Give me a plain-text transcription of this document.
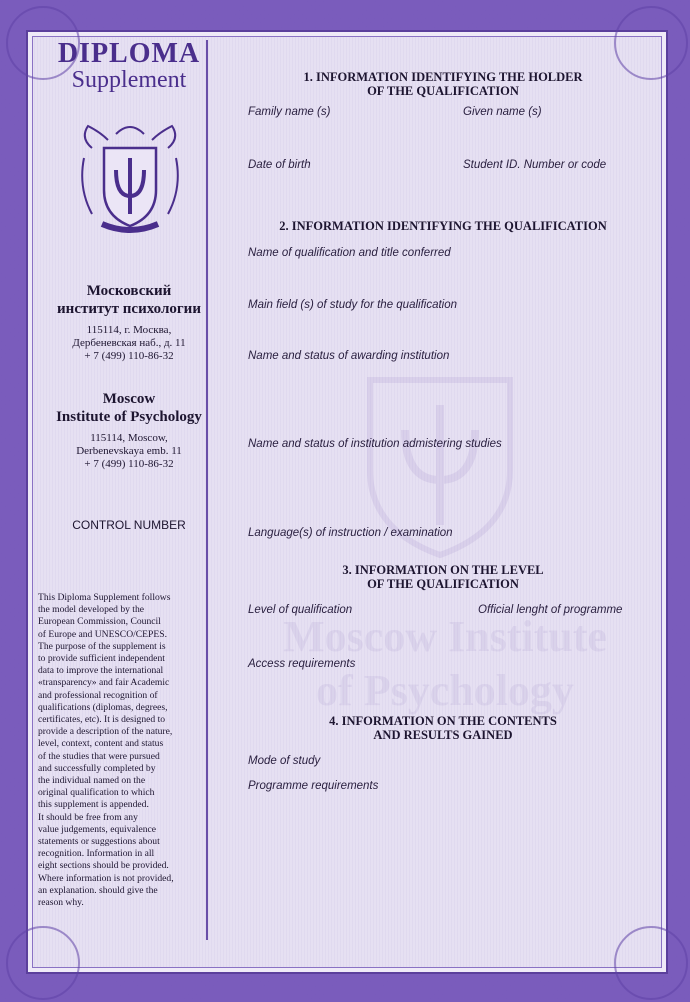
Moscow Institute
of Psychology
DIPLOMA
Supplement
Московский
институт психологии
115114, г. Москва,
Дербеневская наб., д. 11
+ 7 (499) 110-86-32
Moscow
Institute of Psychology
115114, Moscow,
Derbenevskaya emb. 11
+ 7 (499) 110-86-32
CONTROL NUMBER
This Diploma Supplement follows
the model developed by the
European Commission, Council
of Europe and UNESCO/CEPES.
The purpose of the supplement is
to provide sufficient independent
data to improve the international
«transparency» and fair Academic
and professional recognition of
qualifications (diplomas, degrees,
certificates, etc). It is designed to
provide a description of the nature,
level, context, content and status
of the studies that were pursued
and successfully completed by
the individual named on the
original qualification to which
this supplement is appended.
It should be free from any
value judgements, equivalence
statements or suggestions about
recognition. Information in all
eight sections should be provided.
Where information is not provided,
an explanation. should give the
reason why.
1. INFORMATION IDENTIFYING THE HOLDER
OF THE QUALIFICATION
Family name (s)	Given name (s)
Date of birth	Student ID. Number or code
2. INFORMATION IDENTIFYING THE QUALIFICATION
Name of qualification and title conferred
Main field (s) of study for the qualification
Name and status of awarding institution
Name and status of institution admistering studies
Language(s) of instruction / examination
3. INFORMATION ON THE LEVEL
OF THE QUALIFICATION
Level of qualification	Official lenght of programme
Access requirements
4. INFORMATION ON THE CONTENTS
AND RESULTS GAINED
Mode of study
Programme requirements
